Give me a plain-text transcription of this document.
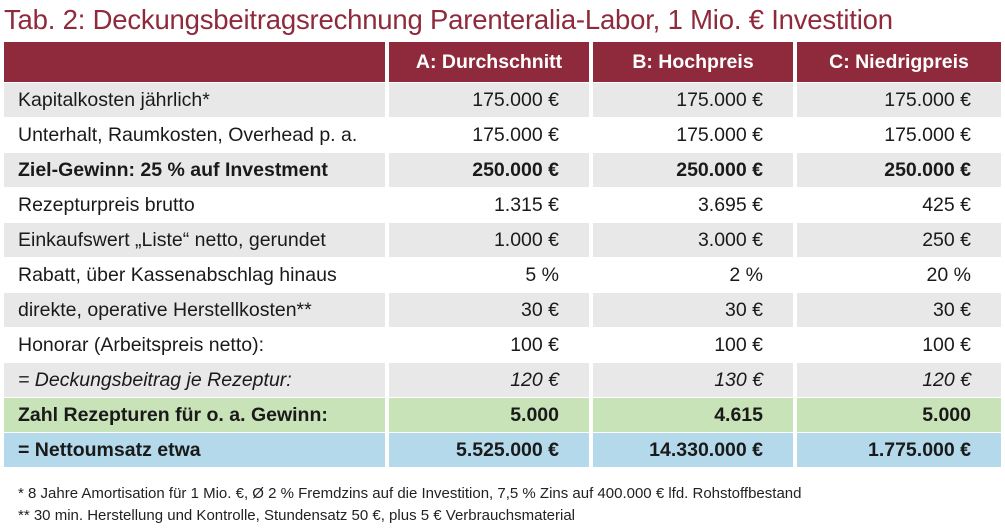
Tab. 2: Deckungsbeitragsrechnung Parenteralia-Labor, 1 Mio. € Investition
	A: Durchschnitt	B: Hochpreis	C: Niedrigpreis
Kapitalkosten jährlich*	175.000 €	175.000 €	175.000 €
Unterhalt, Raumkosten, Overhead p. a.	175.000 €	175.000 €	175.000 €
Ziel-Gewinn: 25 % auf Investment	250.000 €	250.000 €	250.000 €
Rezepturpreis brutto	1.315 €	3.695 €	425 €
Einkaufswert „Liste“ netto, gerundet	1.000 €	3.000 €	250 €
Rabatt, über Kassenabschlag hinaus	5 %	2 %	20 %
direkte, operative Herstellkosten**	30 €	30 €	30 €
Honorar (Arbeitspreis netto):	100 €	100 €	100 €
= Deckungsbeitrag je Rezeptur:	120 €	130 €	120 €
Zahl Rezepturen für o. a. Gewinn:	5.000	4.615	5.000
= Nettoumsatz etwa	5.525.000 €	14.330.000 €	1.775.000 €
* 8 Jahre Amortisation für 1 Mio. €, Ø 2 % Fremdzins auf die Investition, 7,5 % Zins auf 400.000 € lfd. Rohstoffbestand
** 30 min. Herstellung und Kontrolle, Stundensatz 50 €, plus 5 € Verbrauchsmaterial
